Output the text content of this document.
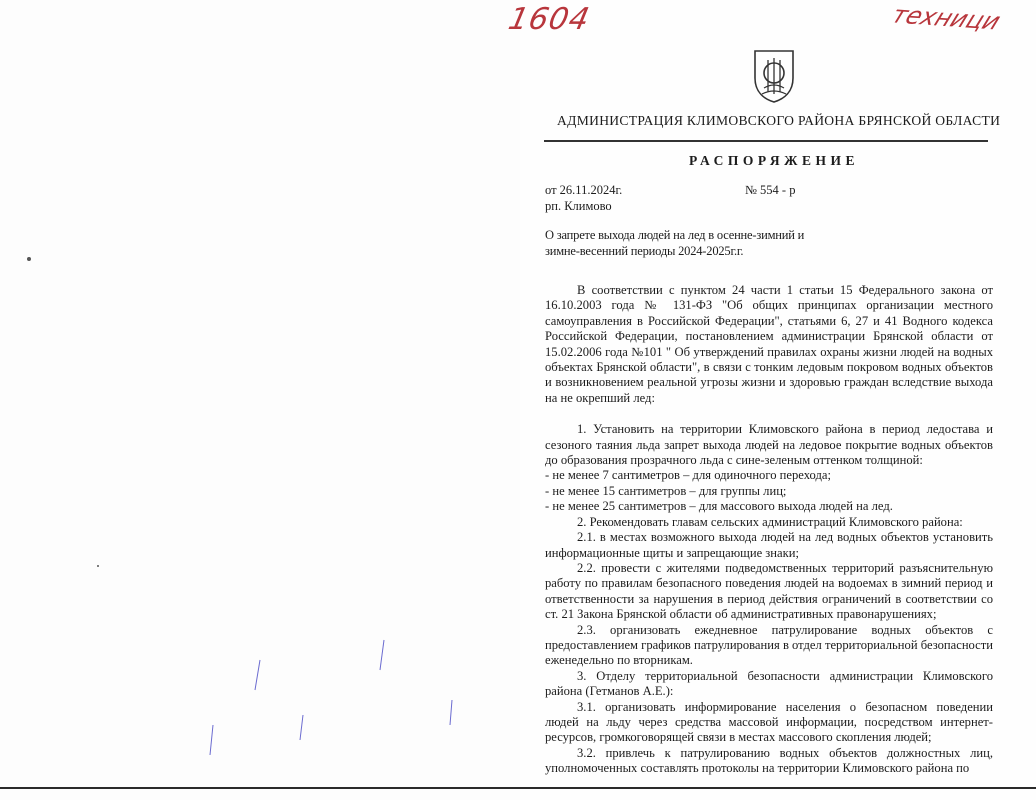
1604	техници
АДМИНИСТРАЦИЯ КЛИМОВСКОГО РАЙОНА БРЯНСКОЙ ОБЛАСТИ
РАСПОРЯЖЕНИЕ
от 26.11.2024г.	№ 554 - р
рп. Климово
О запрете выхода людей на лед в осенне-зимний и
зимне-весенний периоды 2024-2025г.г.

В соответствии с пунктом 24 части 1 статьи 15 Федерального закона от 16.10.2003 года № 131-ФЗ "Об общих принципах организации местного самоуправления в Российской Федерации", статьями 6, 27 и 41 Водного кодекса Российской Федерации, постановлением администрации Брянской области от 15.02.2006 года №101 " Об утверждений правилах охраны жизни людей на водных объектах Брянской области", в связи с тонким ледовым покровом водных объектов и возникновением реальной угрозы жизни и здоровью граждан вследствие выхода на не окрепший лед:

1. Установить на территории Климовского района в период ледостава и сезоного таяния льда запрет выхода людей на ледовое покрытие водных объектов до образования прозрачного льда с сине-зеленым оттенком толщиной:

- не менее 7 сантиметров – для одиночного перехода;

- не менее 15 сантиметров – для группы лиц;

- не менее 25 сантиметров – для массового выхода людей на лед.

2. Рекомендовать главам сельских администраций Климовского района:

2.1. в местах возможного выхода людей на лед водных объектов установить информационные щиты и запрещающие знаки;

2.2. провести с жителями подведомственных территорий разъяснительную работу по правилам безопасного поведения людей на водоемах в зимний период и ответственности за нарушения в период действия ограничений в соответствии со ст. 21 Закона Брянской области об административных правонарушениях;

2.3. организовать ежедневное патрулирование водных объектов с предоставлением графиков патрулирования в отдел территориальной безопасности еженедельно по вторникам.

3. Отделу территориальной безопасности администрации Климовского района (Гетманов А.Е.):

3.1. организовать информирование населения о безопасном поведении людей на льду через средства массовой информации, посредством интернет-ресурсов, громкоговорящей связи в местах массового скопления людей;

3.2. привлечь к патрулированию водных объектов должностных лиц, уполномоченных составлять протоколы на территории Климовского района по
